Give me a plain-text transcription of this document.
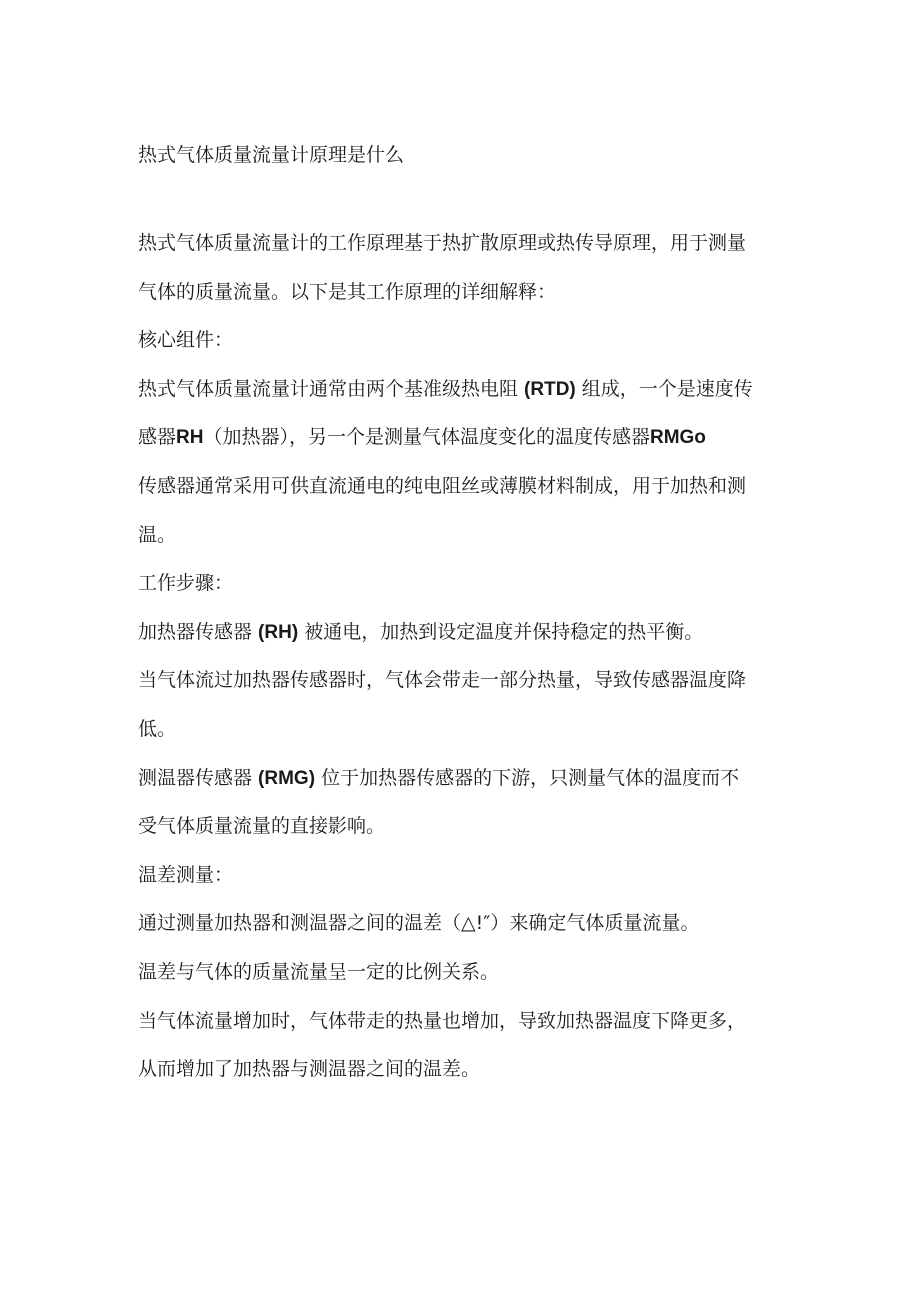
热式气体质量流量计原理是什么
热式气体质量流量计的工作原理基于热扩散原理或热传导原理，用于测量
气体的质量流量。以下是其工作原理的详细解释：
核心组件：
热式气体质量流量计通常由两个基准级热电阻 (RTD) 组成，一个是速度传
感器RH（加热器），另一个是测量气体温度变化的温度传感器RMGo
传感器通常采用可供直流通电的纯电阻丝或薄膜材料制成，用于加热和测
温。
工作步骤：
加热器传感器 (RH) 被通电，加热到设定温度并保持稳定的热平衡。
当气体流过加热器传感器时，气体会带走一部分热量，导致传感器温度降
低。
测温器传感器 (RMG) 位于加热器传感器的下游，只测量气体的温度而不
受气体质量流量的直接影响。
温差测量：
通过测量加热器和测温器之间的温差（△!″）来确定气体质量流量。
温差与气体的质量流量呈一定的比例关系。
当气体流量增加时，气体带走的热量也增加，导致加热器温度下降更多，
从而增加了加热器与测温器之间的温差。
